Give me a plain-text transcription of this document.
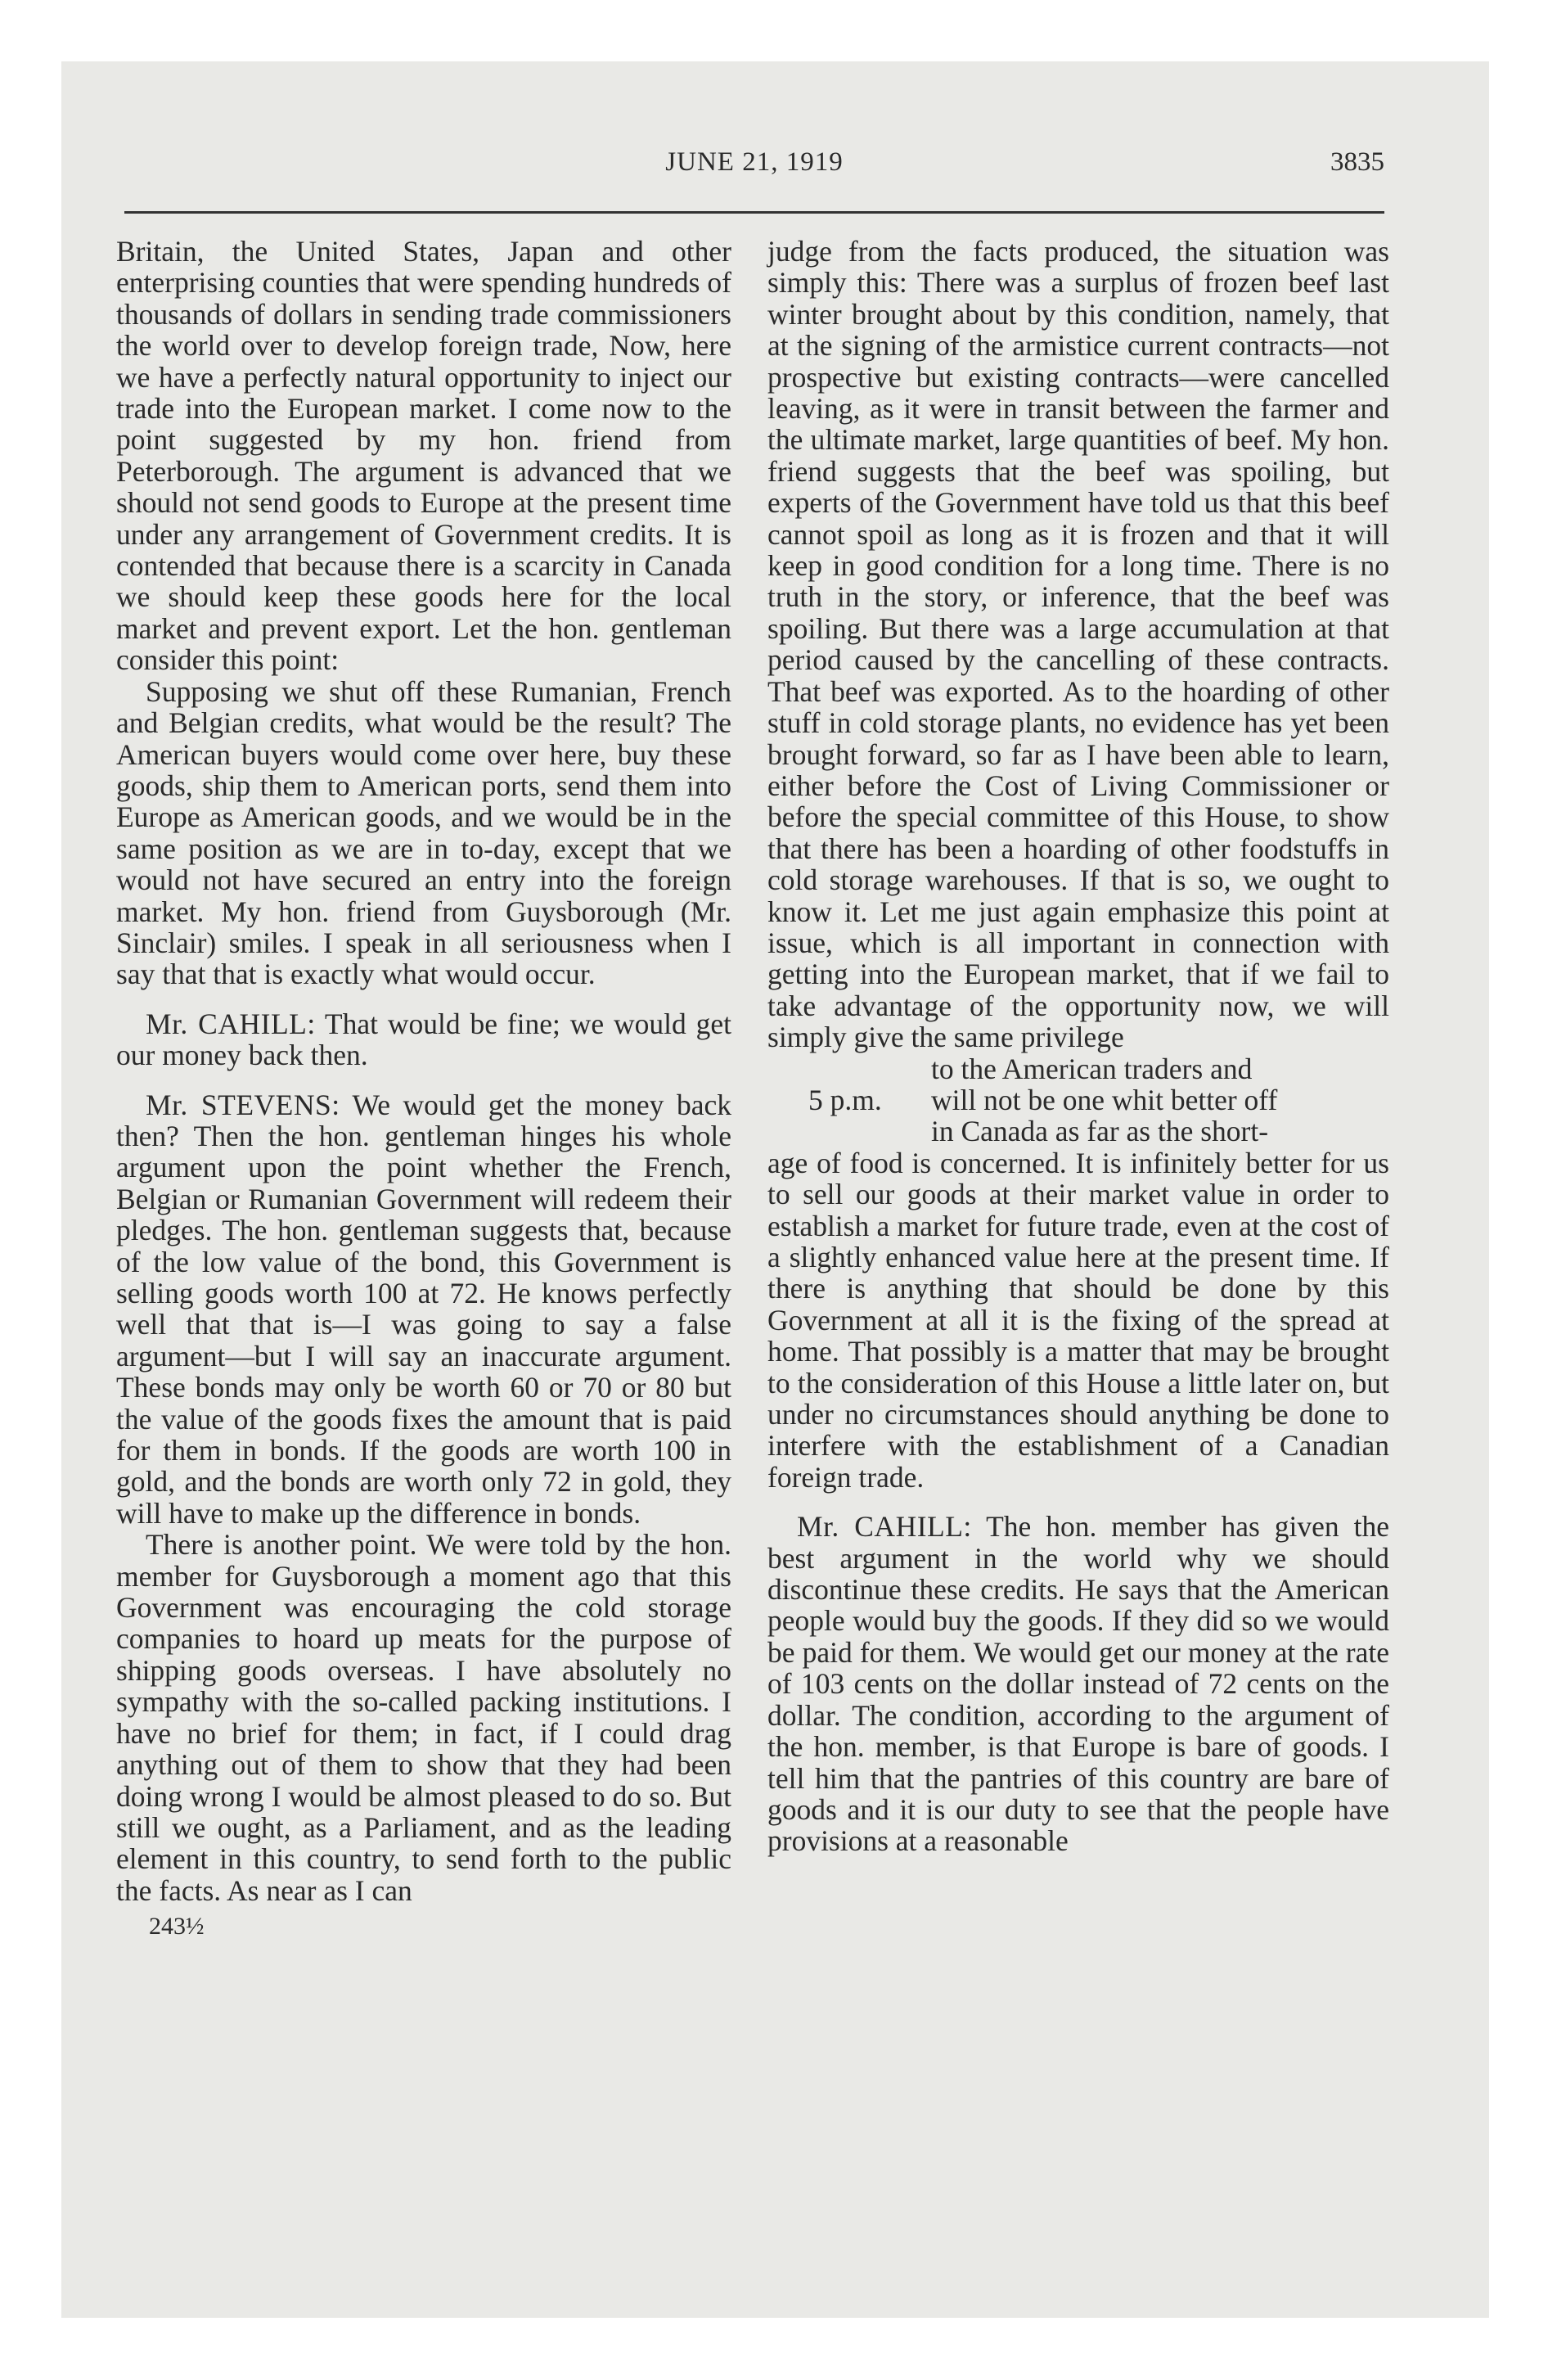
JUNE 21, 1919	3835

Britain, the United States, Japan and other enterprising counties that were spending hundreds of thousands of dollars in sending trade commissioners the world over to develop foreign trade, Now, here we have a perfectly natural opportunity to inject our trade into the European market. I come now to the point suggested by my hon. friend from Peterborough. The argument is advanced that we should not send goods to Europe at the present time under any arrangement of Government credits. It is contended that because there is a scarcity in Canada we should keep these goods here for the local market and prevent export. Let the hon. gentleman consider this point:

Supposing we shut off these Rumanian, French and Belgian credits, what would be the result? The American buyers would come over here, buy these goods, ship them to American ports, send them into Europe as American goods, and we would be in the same position as we are in to-day, except that we would not have secured an entry into the foreign market. My hon. friend from Guysborough (Mr. Sinclair) smiles. I speak in all seriousness when I say that that is exactly what would occur.

Mr. CAHILL: That would be fine; we would get our money back then.

Mr. STEVENS: We would get the money back then? Then the hon. gentleman hinges his whole argument upon the point whether the French, Belgian or Rumanian Government will redeem their pledges. The hon. gentleman suggests that, because of the low value of the bond, this Government is selling goods worth 100 at 72. He knows perfectly well that that is—I was going to say a false argument—but I will say an inaccurate argument. These bonds may only be worth 60 or 70 or 80 but the value of the goods fixes the amount that is paid for them in bonds. If the goods are worth 100 in gold, and the bonds are worth only 72 in gold, they will have to make up the difference in bonds.

There is another point. We were told by the hon. member for Guysborough a moment ago that this Government was encouraging the cold storage companies to hoard up meats for the purpose of shipping goods overseas. I have absolutely no sympathy with the so-called packing institutions. I have no brief for them; in fact, if I could drag anything out of them to show that they had been doing wrong I would be almost pleased to do so. But still we ought, as a Parliament, and as the leading element in this country, to send forth to the public the facts. As near as I can

243½

judge from the facts produced, the situation was simply this: There was a surplus of frozen beef last winter brought about by this condition, namely, that at the signing of the armistice current contracts—not prospective but existing contracts—were cancelled leaving, as it were in transit between the farmer and the ultimate market, large quantities of beef. My hon. friend suggests that the beef was spoiling, but experts of the Government have told us that this beef cannot spoil as long as it is frozen and that it will keep in good condition for a long time. There is no truth in the story, or inference, that the beef was spoiling. But there was a large accumulation at that period caused by the cancelling of these contracts. That beef was exported. As to the hoarding of other stuff in cold storage plants, no evidence has yet been brought forward, so far as I have been able to learn, either before the Cost of Living Commissioner or before the special committee of this House, to show that there has been a hoarding of other foodstuffs in cold storage warehouses. If that is so, we ought to know it. Let me just again emphasize this point at issue, which is all important in connection with getting into the European market, that if we fail to take advantage of the opportunity now, we will simply give the same privilege

to the American traders and
5 p.m.	will not be one whit better off
in Canada as far as the short-

age of food is concerned. It is infinitely better for us to sell our goods at their market value in order to establish a market for future trade, even at the cost of a slightly enhanced value here at the present time. If there is anything that should be done by this Government at all it is the fixing of the spread at home. That possibly is a matter that may be brought to the consideration of this House a little later on, but under no circumstances should anything be done to interfere with the establishment of a Canadian foreign trade.

Mr. CAHILL: The hon. member has given the best argument in the world why we should discontinue these credits. He says that the American people would buy the goods. If they did so we would be paid for them. We would get our money at the rate of 103 cents on the dollar instead of 72 cents on the dollar. The condition, according to the argument of the hon. member, is that Europe is bare of goods. I tell him that the pantries of this country are bare of goods and it is our duty to see that the people have provisions at a reasonable
